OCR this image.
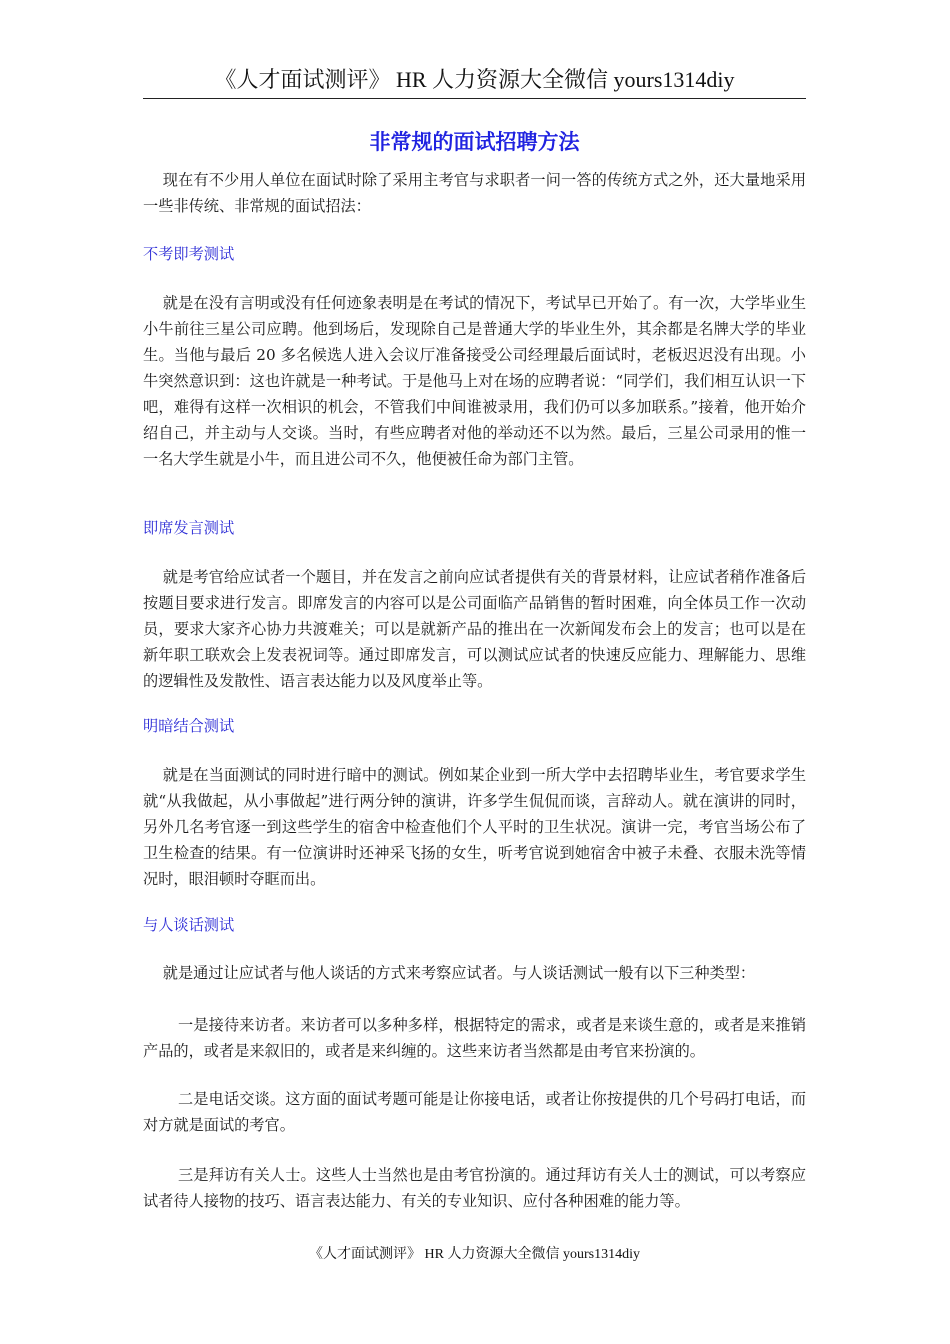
《人才面试测评》 HR 人力资源大全微信 yours1314diy
非常规的面试招聘方法
现在有不少用人单位在面试时除了采用主考官与求职者一问一答的传统方式之外，还大量地采用一些非传统、非常规的面试招法：
不考即考测试
就是在没有言明或没有任何迹象表明是在考试的情况下，考试早已开始了。有一次，大学毕业生小牛前往三星公司应聘。他到场后，发现除自己是普通大学的毕业生外，其余都是名牌大学的毕业生。当他与最后 20 多名候选人进入会议厅准备接受公司经理最后面试时，老板迟迟没有出现。小牛突然意识到：这也许就是一种考试。于是他马上对在场的应聘者说：“同学们，我们相互认识一下吧，难得有这样一次相识的机会，不管我们中间谁被录用，我们仍可以多加联系。”接着，他开始介绍自己，并主动与人交谈。当时，有些应聘者对他的举动还不以为然。最后，三星公司录用的惟一一名大学生就是小牛，而且进公司不久，他便被任命为部门主管。
即席发言测试
就是考官给应试者一个题目，并在发言之前向应试者提供有关的背景材料，让应试者稍作准备后按题目要求进行发言。即席发言的内容可以是公司面临产品销售的暂时困难，向全体员工作一次动员，要求大家齐心协力共渡难关；可以是就新产品的推出在一次新闻发布会上的发言；也可以是在新年职工联欢会上发表祝词等。通过即席发言，可以测试应试者的快速反应能力、理解能力、思维的逻辑性及发散性、语言表达能力以及风度举止等。
明暗结合测试
就是在当面测试的同时进行暗中的测试。例如某企业到一所大学中去招聘毕业生，考官要求学生就“从我做起，从小事做起”进行两分钟的演讲，许多学生侃侃而谈，言辞动人。就在演讲的同时，另外几名考官逐一到这些学生的宿舍中检查他们个人平时的卫生状况。演讲一完，考官当场公布了卫生检查的结果。有一位演讲时还神采飞扬的女生，听考官说到她宿舍中被子未叠、衣服未洗等情况时，眼泪顿时夺眶而出。
与人谈话测试
就是通过让应试者与他人谈话的方式来考察应试者。与人谈话测试一般有以下三种类型：
一是接待来访者。来访者可以多种多样，根据特定的需求，或者是来谈生意的，或者是来推销产品的，或者是来叙旧的，或者是来纠缠的。这些来访者当然都是由考官来扮演的。
二是电话交谈。这方面的面试考题可能是让你接电话，或者让你按提供的几个号码打电话，而对方就是面试的考官。
三是拜访有关人士。这些人士当然也是由考官扮演的。通过拜访有关人士的测试，可以考察应试者待人接物的技巧、语言表达能力、有关的专业知识、应付各种困难的能力等。
《人才面试测评》 HR 人力资源大全微信 yours1314diy
